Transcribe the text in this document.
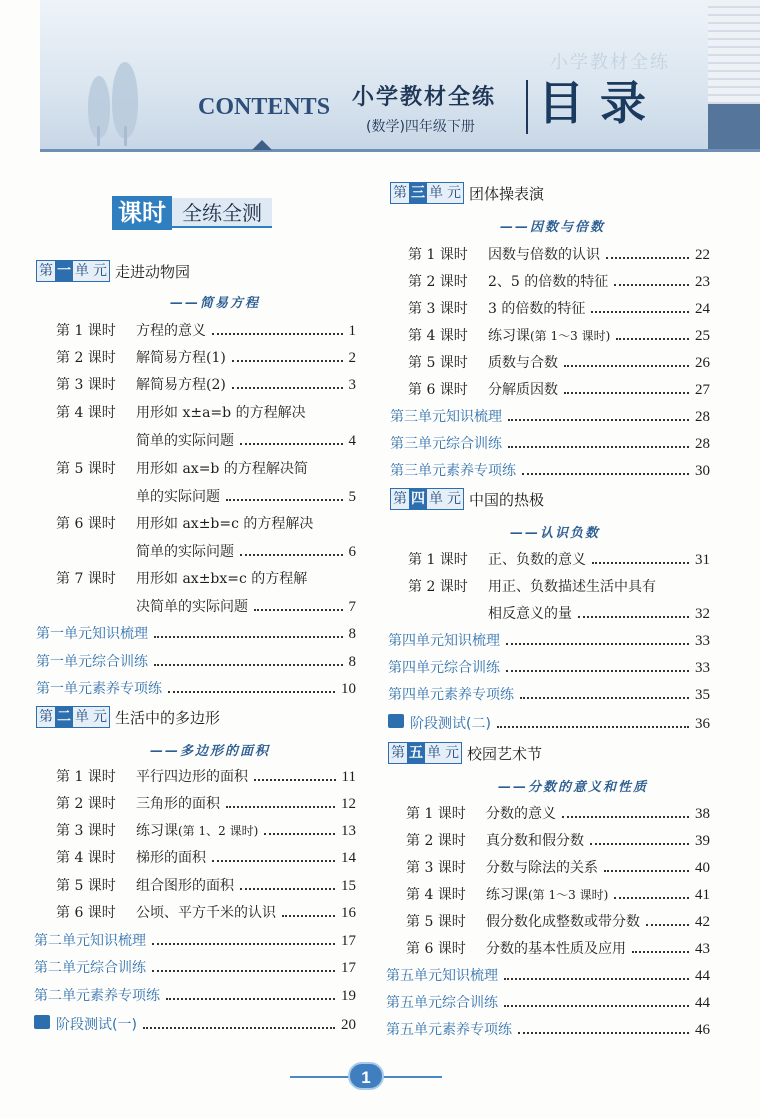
小学教材全练
CONTENTS 小学教材全练
(数学)四年级下册 目录
课时 全练全测
第 一 单 元 走进动物园
——简易方程
第 1 课时	方程的意义	1
第 2 课时	解简易方程(1)	2
第 3 课时	解简易方程(2)	3
第 4 课时	用形如 x±a=b 的方程解决
简单的实际问题	4
第 5 课时	用形如 ax=b 的方程解决简
单的实际问题	5
第 6 课时	用形如 ax±b=c 的方程解决
简单的实际问题	6
第 7 课时	用形如 ax±bx=c 的方程解
决简单的实际问题	7
第一单元知识梳理	8
第一单元综合训练	8
第一单元素养专项练	10
第 二 单 元 生活中的多边形
——多边形的面积
第 1 课时	平行四边形的面积	11
第 2 课时	三角形的面积	12
第 3 课时	练习课(第 1、2 课时)	13
第 4 课时	梯形的面积	14
第 5 课时	组合图形的面积	15
第 6 课时	公顷、平方千米的认识	16
第二单元知识梳理	17
第二单元综合训练	17
第二单元素养专项练	19
阶段测试(一)	20
第 三 单 元 团体操表演
——因数与倍数
第 1 课时	因数与倍数的认识	22
第 2 课时	2、5 的倍数的特征	23
第 3 课时	3 的倍数的特征	24
第 4 课时	练习课(第 1～3 课时)	25
第 5 课时	质数与合数	26
第 6 课时	分解质因数	27
第三单元知识梳理	28
第三单元综合训练	28
第三单元素养专项练	30
第 四 单 元 中国的热极
——认识负数
第 1 课时	正、负数的意义	31
第 2 课时	用正、负数描述生活中具有
相反意义的量	32
第四单元知识梳理	33
第四单元综合训练	33
第四单元素养专项练	35
阶段测试(二)	36
第 五 单 元 校园艺术节
——分数的意义和性质
第 1 课时	分数的意义	38
第 2 课时	真分数和假分数	39
第 3 课时	分数与除法的关系	40
第 4 课时	练习课(第 1～3 课时)	41
第 5 课时	假分数化成整数或带分数	42
第 6 课时	分数的基本性质及应用	43
第五单元知识梳理	44
第五单元综合训练	44
第五单元素养专项练	46
1
